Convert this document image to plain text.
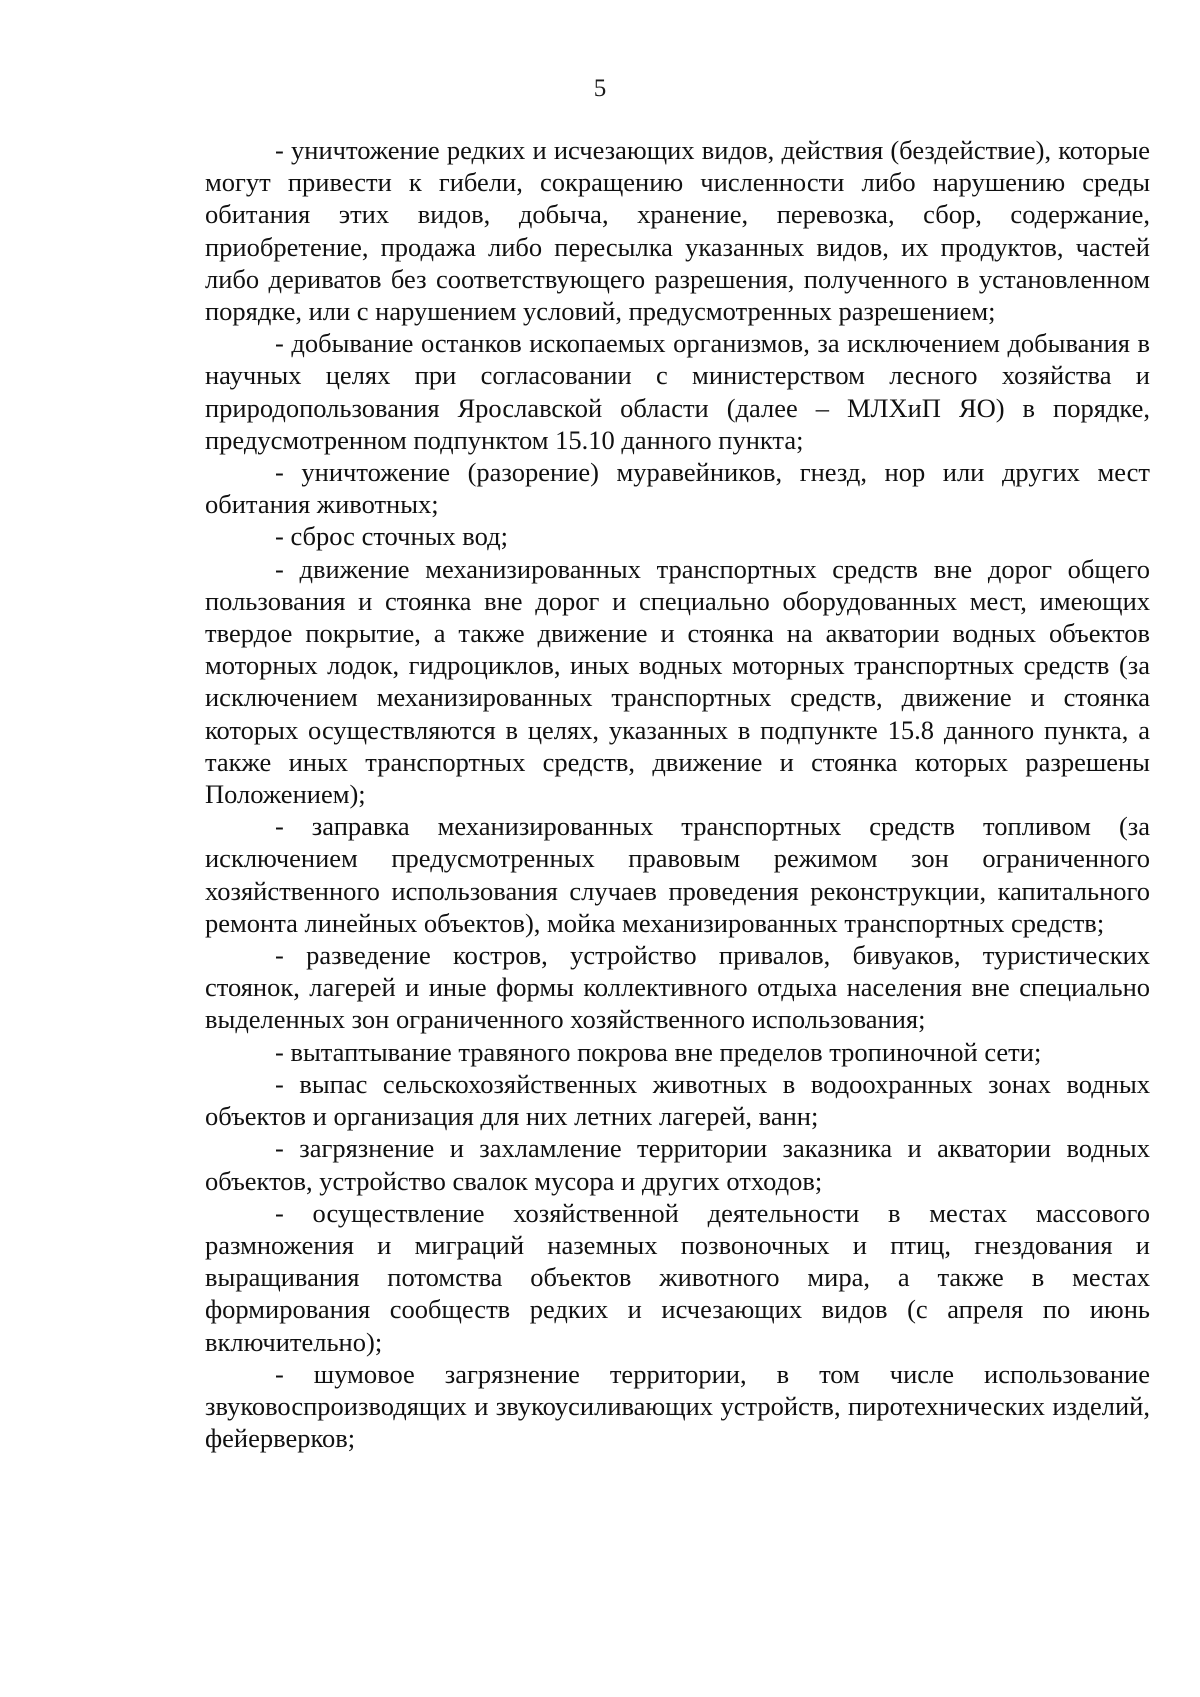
5

- уничтожение редких и исчезающих видов, действия (бездействие), которые могут привести к гибели, сокращению численности либо нарушению среды обитания этих видов, добыча, хранение, перевозка, сбор, содержание, приобретение, продажа либо пересылка указанных видов, их продуктов, частей либо дериватов без соответствующего разрешения, полученного в установленном порядке, или с нарушением условий, предусмотренных разрешением;

- добывание останков ископаемых организмов, за исключением добывания в научных целях при согласовании с министерством лесного хозяйства и природопользования Ярославской области (далее – МЛХиП ЯО) в порядке, предусмотренном подпунктом 15.10 данного пункта;

- уничтожение (разорение) муравейников, гнезд, нор или других мест обитания животных;

- сброс сточных вод;

- движение механизированных транспортных средств вне дорог общего пользования и стоянка вне дорог и специально оборудованных мест, имеющих твердое покрытие, а также движение и стоянка на акватории водных объектов моторных лодок, гидроциклов, иных водных моторных транспортных средств (за исключением механизированных транспортных средств, движение и стоянка которых осуществляются в целях, указанных в подпункте 15.8 данного пункта, а также иных транспортных средств, движение и стоянка которых разрешены Положением);

- заправка механизированных транспортных средств топливом (за исключением предусмотренных правовым режимом зон ограниченного хозяйственного использования случаев проведения реконструкции, капитального ремонта линейных объектов), мойка механизированных транспортных средств;

- разведение костров, устройство привалов, бивуаков, туристических стоянок, лагерей и иные формы коллективного отдыха населения вне специально выделенных зон ограниченного хозяйственного использования;

- вытаптывание травяного покрова вне пределов тропиночной сети;

- выпас сельскохозяйственных животных в водоохранных зонах водных объектов и организация для них летних лагерей, ванн;

- загрязнение и захламление территории заказника и акватории водных объектов, устройство свалок мусора и других отходов;

- осуществление хозяйственной деятельности в местах массового размножения и миграций наземных позвоночных и птиц, гнездования и выращивания потомства объектов животного мира, а также в местах формирования сообществ редких и исчезающих видов (с апреля по июнь включительно);

- шумовое загрязнение территории, в том числе использование звуковоспроизводящих и звукоусиливающих устройств, пиротехнических изделий, фейерверков;
